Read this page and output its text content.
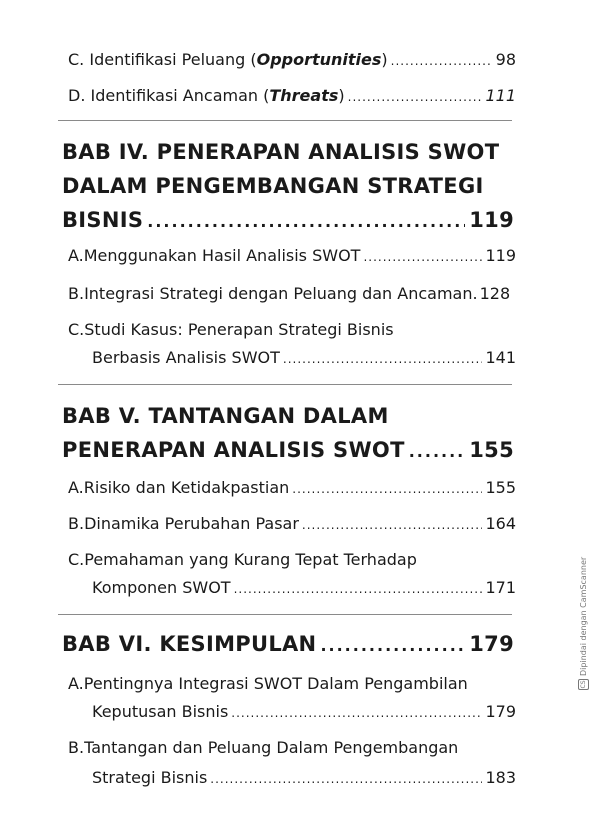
C. Identifikasi Peluang (Opportunities) .....	98
D. Identifikasi Ancaman (Threats) .....	111
BAB IV. PENERAPAN ANALISIS SWOT
DALAM PENGEMBANGAN STRATEGI
BISNIS .....	119
A.Menggunakan Hasil Analisis SWOT .....	119
B.Integrasi Strategi dengan Peluang dan Ancaman. 128
C.Studi Kasus: Penerapan Strategi Bisnis
Berbasis Analisis SWOT .....	141
BAB V. TANTANGAN DALAM
PENERAPAN ANALISIS SWOT .....	155
A.Risiko dan Ketidakpastian .....	155
B.Dinamika Perubahan Pasar .....	164
C.Pemahaman yang Kurang Tepat Terhadap
Komponen SWOT .....	171
BAB VI. KESIMPULAN .....	179
A.Pentingnya Integrasi SWOT Dalam Pengambilan
Keputusan Bisnis .....	179
B.Tantangan dan Peluang Dalam Pengembangan
Strategi Bisnis .....	183
CS
Dipindai dengan CamScanner
